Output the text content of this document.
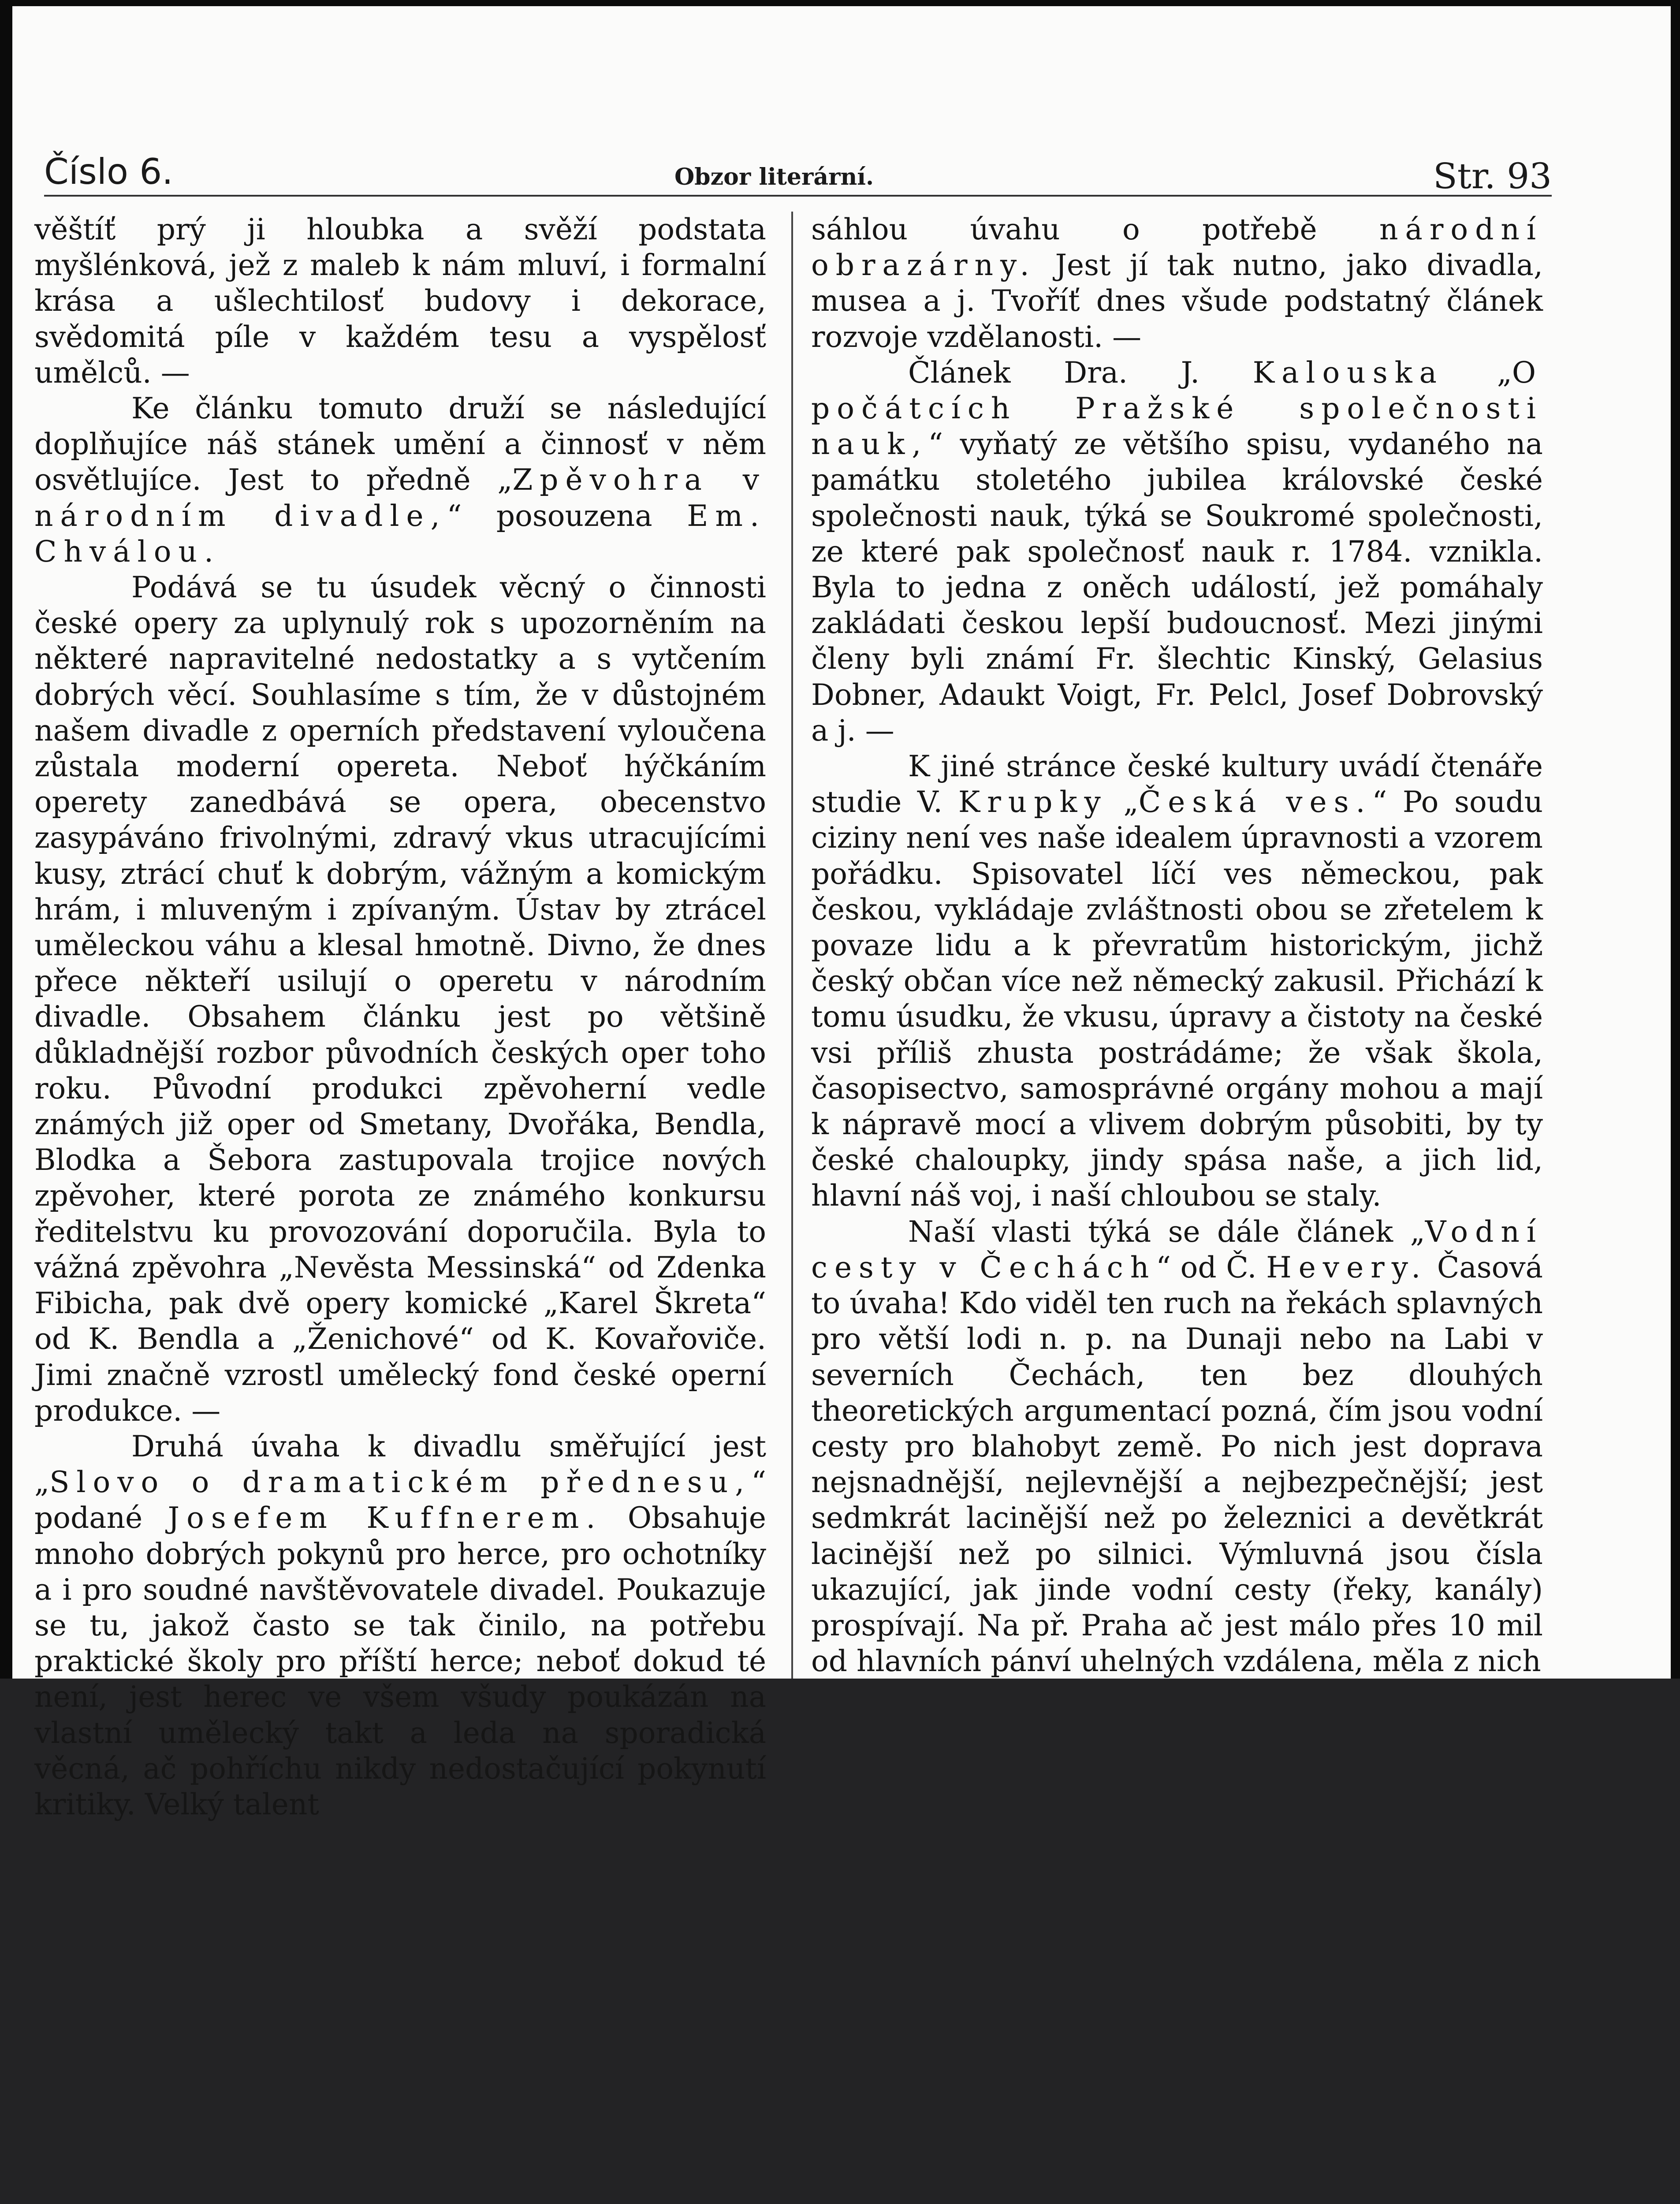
Číslo 6.	Obzor literární.	Str. 93

věštíť prý ji hloubka a svěží podstata myšlénková, jež z maleb k nám mluví, i formalní krása a ušlechtilosť budovy i dekorace, svědomitá píle v každém tesu a vyspělosť umělců. —

Ke článku tomuto druží se následující doplňujíce náš stánek umění a činnosť v něm osvětlujíce. Jest to předně „Zpěvohra v národním divadle,“ posouzena Em. Chválou.

Podává se tu úsudek věcný o činnosti české opery za uplynulý rok s upozorněním na některé napravitelné nedostatky a s vytčením dobrých věcí. Souhlasíme s tím, že v důstojném našem divadle z operních představení vyloučena zůstala moderní opereta. Neboť hýčkáním operety zanedbává se opera, obecenstvo zasypáváno frivolnými, zdravý vkus utracujícími kusy, ztrácí chuť k dobrým, vážným a komickým hrám, i mluveným i zpívaným. Ústav by ztrácel uměleckou váhu a klesal hmotně. Divno, že dnes přece někteří usilují o operetu v národním divadle. Obsahem článku jest po většině důkladnější rozbor původních českých oper toho roku. Původní produkci zpěvoherní vedle známých již oper od Smetany, Dvořáka, Bendla, Blodka a Šebora zastupovala trojice nových zpěvoher, které porota ze známého konkursu ředitelstvu ku provozování doporučila. Byla to vážná zpěvohra „Nevěsta Messinská“ od Zdenka Fibicha, pak dvě opery komické „Karel Škreta“ od K. Bendla a „Ženichové“ od K. Kovařoviče. Jimi značně vzrostl umělecký fond české operní produkce. —

Druhá úvaha k divadlu směřující jest „Slovo o dramatickém přednesu,“ podané Josefem Kuffnerem. Obsahuje mnoho dobrých pokynů pro herce, pro ochotníky a i pro soudné navštěvovatele divadel. Poukazuje se tu, jakož často se tak činilo, na potřebu praktické školy pro příští herce; neboť dokud té není, jest herec ve všem všudy poukázán na vlastní umělecký takt a leda na sporadická věcná, ač pohříchu nikdy nedostačující pokynutí kritiky. Velký talent

sáhlou úvahu o potřebě národní obrazárny. Jest jí tak nutno, jako divadla, musea a j. Tvoříť dnes všude podstatný článek rozvoje vzdělanosti. —

Článek Dra. J. Kalouska „O počátcích Pražské společnosti nauk,“ vyňatý ze většího spisu, vydaného na památku stoletého jubilea královské české společnosti nauk, týká se Soukromé společnosti, ze které pak společnosť nauk r. 1784. vznikla. Byla to jedna z oněch událostí, jež pomáhaly zakládati českou lepší budoucnosť. Mezi jinými členy byli známí Fr. šlechtic Kinský, Gelasius Dobner, Adaukt Voigt, Fr. Pelcl, Josef Dobrovský a j. —

K jiné stránce české kultury uvádí čtenáře studie V. Krupky „Česká ves.“ Po soudu ciziny není ves naše idealem úpravnosti a vzorem pořádku. Spisovatel líčí ves německou, pak českou, vykládaje zvláštnosti obou se zřetelem k povaze lidu a k převratům historickým, jichž český občan více než německý zakusil. Přichází k tomu úsudku, že vkusu, úpravy a čistoty na české vsi příliš zhusta postrádáme; že však škola, časopisectvo, samosprávné orgány mohou a mají k nápravě mocí a vlivem dobrým působiti, by ty české chaloupky, jindy spása naše, a jich lid, hlavní náš voj, i naší chloubou se staly.

Naší vlasti týká se dále článek „Vodní cesty v Čechách“ od Č. Hevery. Časová to úvaha! Kdo viděl ten ruch na řekách splavných pro větší lodi n. p. na Dunaji nebo na Labi v severních Čechách, ten bez dlouhých theoretických argumentací pozná, čím jsou vodní cesty pro blahobyt země. Po nich jest doprava nejsnadnější, nejlevnější a nejbezpečnější; jest sedmkrát lacinější než po železnici a devětkrát lacinější než po silnici. Výmluvná jsou čísla ukazující, jak jinde vodní cesty (řeky, kanály) prospívají. Na př. Praha ač jest málo přes 10 mil od hlavních pánví uhelných vzdálena, měla z nich
